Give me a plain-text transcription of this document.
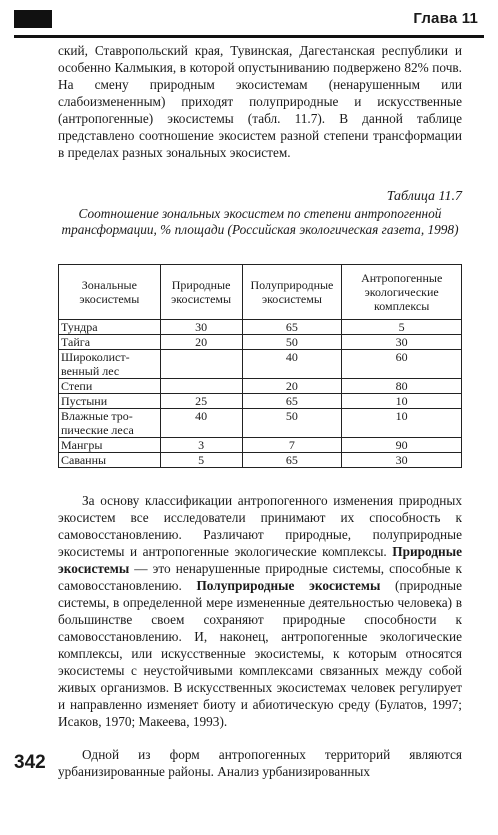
Глава 11

ский, Ставропольский края, Тувинская, Дагестанская республики и особенно Калмыкия, в которой опустыниванию подвержено 82% почв. На смену природным экосистемам (ненарушенным или слабоизмененным) приходят полуприродные и искусственные (антропогенные) экосистемы (табл. 11.7). В данной таблице представлено соотношение экосистем разной степени трансформации в пределах разных зональных экосистем.

Таблица 11.7
Соотношение зональных экосистем по степени антропогенной трансформации, % площади (Российская экологическая газета, 1998)
Зональные экосистемы	Природные экосистемы	Полуприродные экосистемы	Антропогенные экологические комплексы
Тундра	30	65	5
Тайга	20	50	30
Широколист-венный лес		40	60
Степи		20	80
Пустыни	25	65	10
Влажные тро-пические леса	40	50	10
Мангры	3	7	90
Саванны	5	65	30

За основу классификации антропогенного изменения природных экосистем все исследователи принимают их способность к самовосстановлению. Различают природные, полуприродные экосистемы и антропогенные экологические комплексы. Природные экосистемы — это ненарушенные природные системы, способные к самовосстановлению. Полуприродные экосистемы (природные системы, в определенной мере измененные деятельностью человека) в большинстве своем сохраняют природные способности к самовосстановлению. И, наконец, антропогенные экологические комплексы, или искусственные экосистемы, к которым относятся экосистемы с неустойчивыми комплексами связанных между собой живых организмов. В искусственных экосистемах человек регулирует и направленно изменяет биоту и абиотическую среду (Булатов, 1997; Исаков, 1970; Макеева, 1993).

342	Одной из форм антропогенных территорий являются урбанизированные районы. Анализ урбанизированных
